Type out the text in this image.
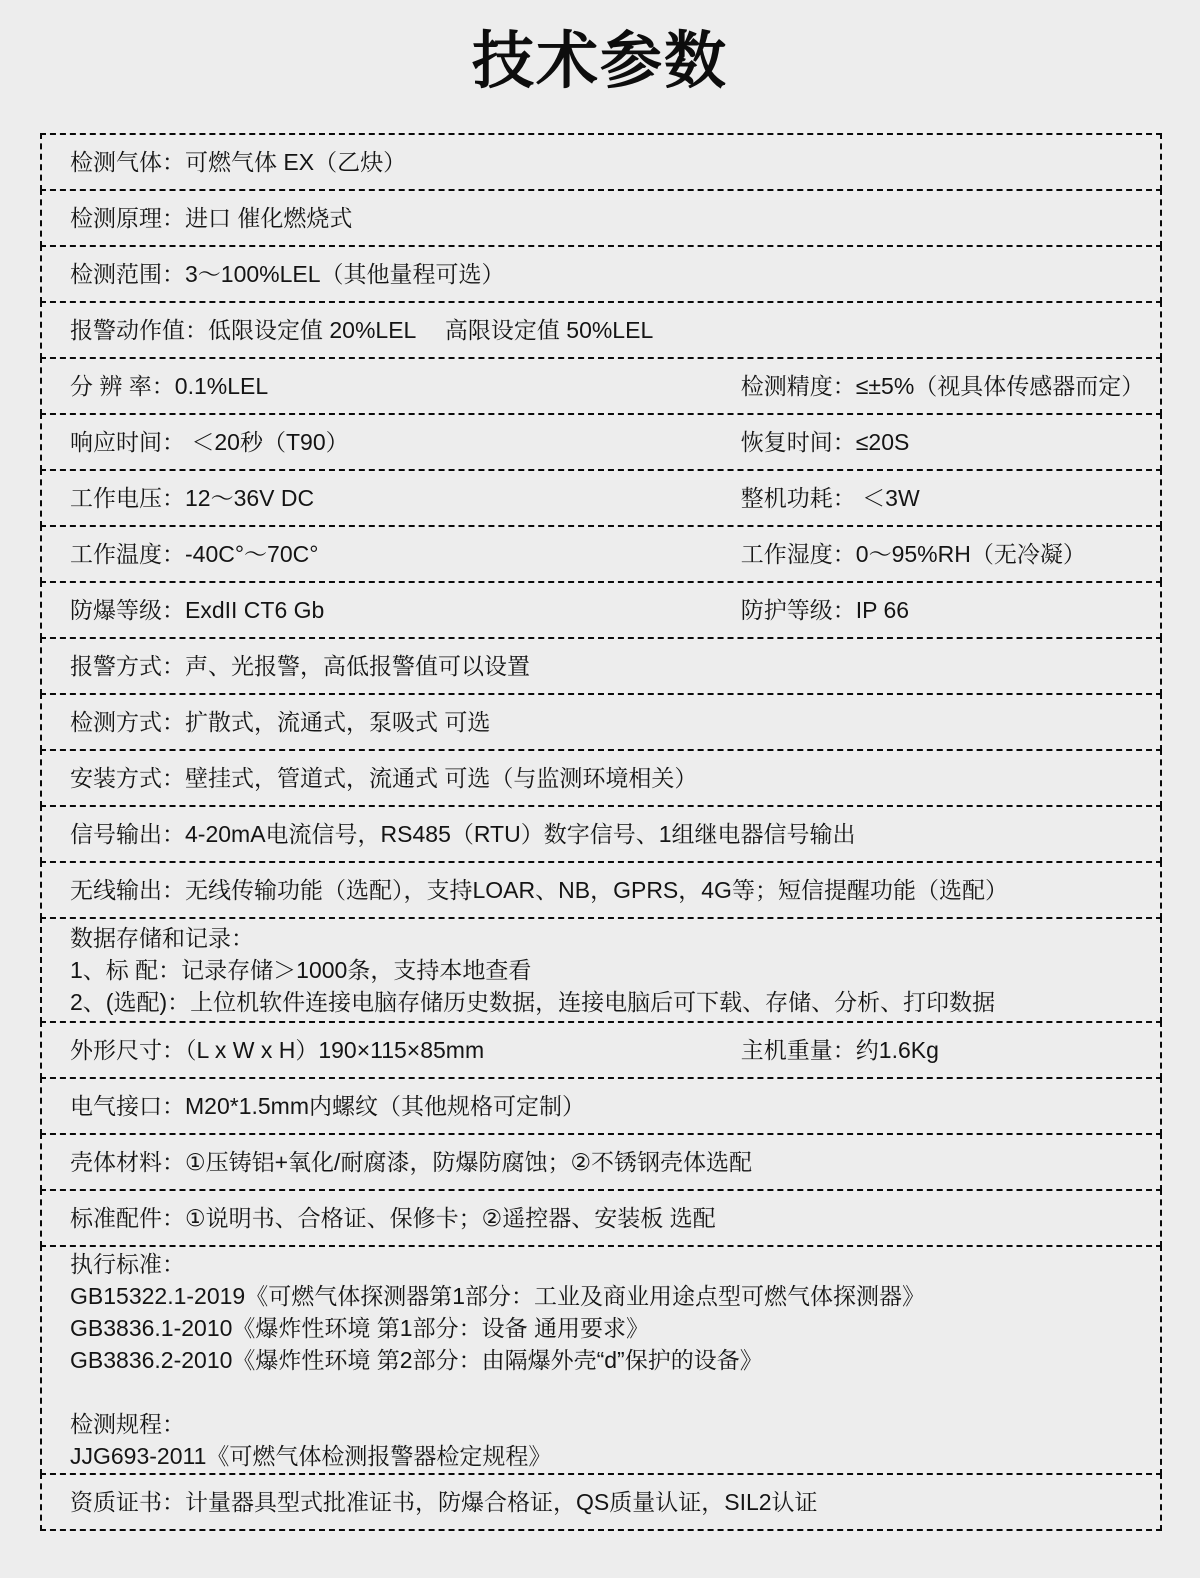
技术参数
检测气体：可燃气体 EX（乙炔）
检测原理：进口 催化燃烧式
检测范围：3～100%LEL（其他量程可选）
报警动作值：低限设定值 20%LEL　 高限设定值 50%LEL
分 辨 率：0.1%LEL	检测精度：≤±5%（视具体传感器而定）
响应时间： ＜20秒（T90）	恢复时间：≤20S
工作电压：12～36V DC	整机功耗： ＜3W
工作温度：-40C°～70C°	工作湿度：0～95%RH（无冷凝）
防爆等级：ExdII CT6 Gb	防护等级：IP 66
报警方式：声、光报警，高低报警值可以设置
检测方式：扩散式，流通式，泵吸式 可选
安装方式：壁挂式，管道式，流通式 可选（与监测环境相关）
信号输出：4-20mA电流信号，RS485（RTU）数字信号、1组继电器信号输出
无线输出：无线传输功能（选配），支持LOAR、NB，GPRS，4G等；短信提醒功能（选配）
数据存储和记录：
1、标 配：记录存储＞1000条，支持本地查看
2、(选配)：上位机软件连接电脑存储历史数据，连接电脑后可下载、存储、分析、打印数据
外形尺寸：（L x W x H）190×115×85mm	主机重量：约1.6Kg
电气接口：M20*1.5mm内螺纹（其他规格可定制）
壳体材料：①压铸铝+氧化/耐腐漆，防爆防腐蚀；②不锈钢壳体选配
标准配件：①说明书、合格证、保修卡；②遥控器、安装板 选配
执行标准：
GB15322.1-2019《可燃气体探测器第1部分：工业及商业用途点型可燃气体探测器》
GB3836.1-2010《爆炸性环境 第1部分：设备 通用要求》
GB3836.2-2010《爆炸性环境 第2部分：由隔爆外壳“d”保护的设备》
检测规程：
JJG693-2011《可燃气体检测报警器检定规程》
资质证书：计量器具型式批准证书，防爆合格证，QS质量认证，SIL2认证
